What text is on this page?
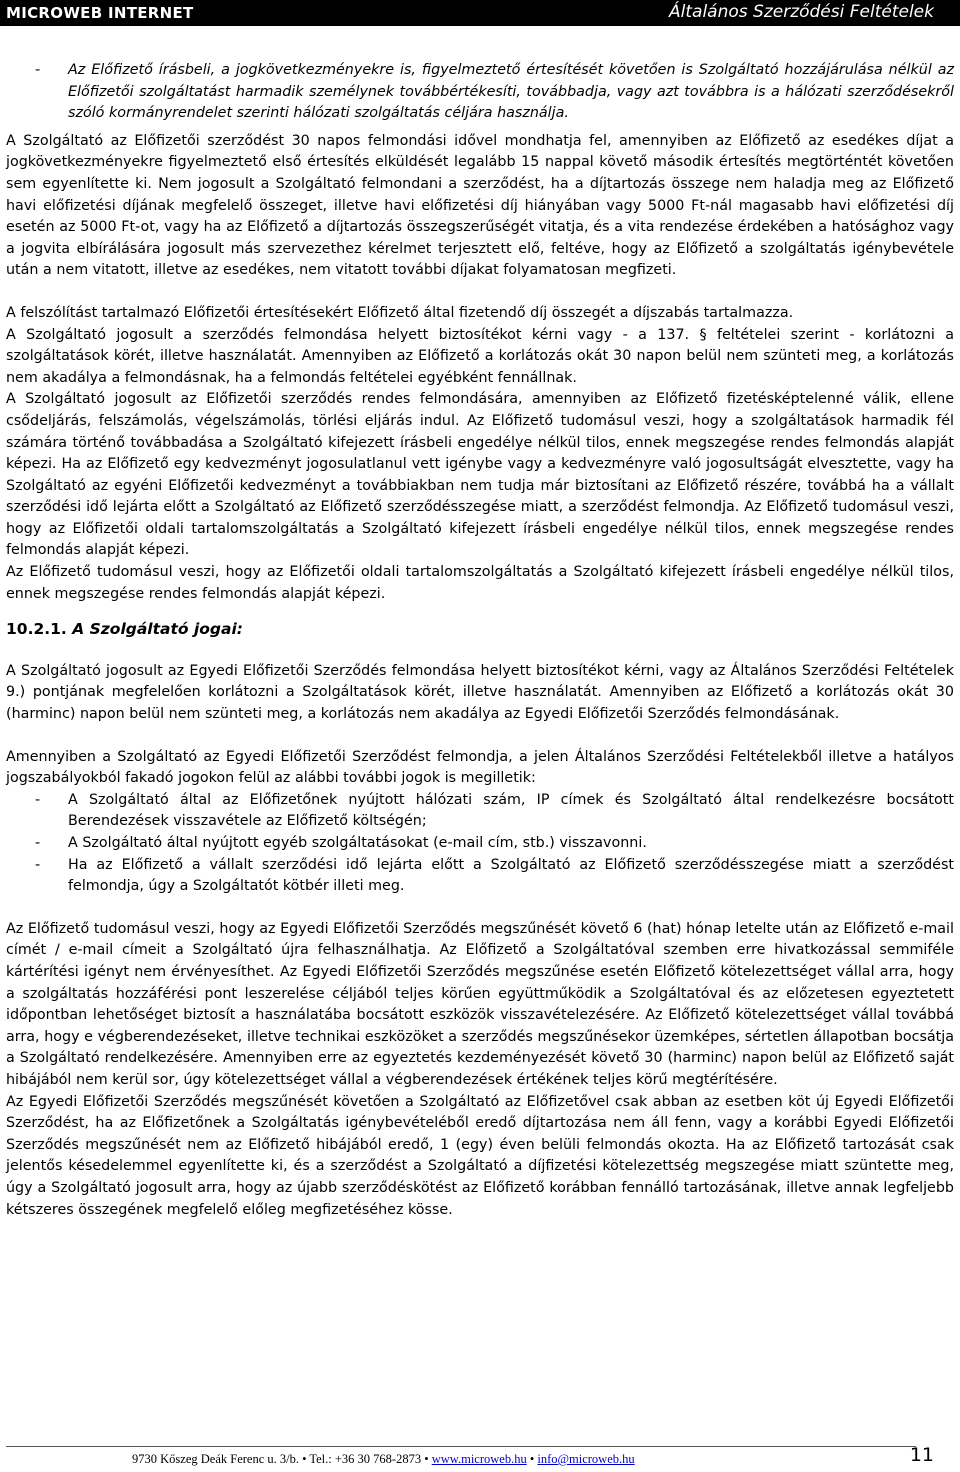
MICROWEB INTERNET	Általános Szerződési Feltételek
- Az Előfizető írásbeli, a jogkövetkezményekre is, figyelmeztető értesítését követően is Szolgáltató hozzájárulása nélkül az Előfizetői szolgáltatást harmadik személynek továbbértékesíti, továbbadja, vagy azt továbbra is a hálózati szerződésekről szóló kormányrendelet szerinti hálózati szolgáltatás céljára használja.

A Szolgáltató az Előfizetői szerződést 30 napos felmondási idővel mondhatja fel, amennyiben az Előfizető az esedékes díjat a jogkövetkezményekre figyelmeztető első értesítés elküldését legalább 15 nappal követő második értesítés megtörténtét követően sem egyenlítette ki. Nem jogosult a Szolgáltató felmondani a szerződést, ha a díjtartozás összege nem haladja meg az Előfizető havi előfizetési díjának megfelelő összeget, illetve havi előfizetési díj hiányában vagy 5000 Ft-nál magasabb havi előfizetési díj esetén az 5000 Ft-ot, vagy ha az Előfizető a díjtartozás összegszerűségét vitatja, és a vita rendezése érdekében a hatósághoz vagy a jogvita elbírálására jogosult más szervezethez kérelmet terjesztett elő, feltéve, hogy az Előfizető a szolgáltatás igénybevétele után a nem vitatott, illetve az esedékes, nem vitatott további díjakat folyamatosan megfizeti.

A felszólítást tartalmazó Előfizetői értesítésekért Előfizető által fizetendő díj összegét a díjszabás tartalmazza.

A Szolgáltató jogosult a szerződés felmondása helyett biztosítékot kérni vagy - a 137. § feltételei szerint - korlátozni a szolgáltatások körét, illetve használatát. Amennyiben az Előfizető a korlátozás okát 30 napon belül nem szünteti meg, a korlátozás nem akadálya a felmondásnak, ha a felmondás feltételei egyébként fennállnak.

A Szolgáltató jogosult az Előfizetői szerződés rendes felmondására, amennyiben az Előfizető fizetésképtelenné válik, ellene csődeljárás, felszámolás, végelszámolás, törlési eljárás indul. Az Előfizető tudomásul veszi, hogy a szolgáltatások harmadik fél számára történő továbbadása a Szolgáltató kifejezett írásbeli engedélye nélkül tilos, ennek megszegése rendes felmondás alapját képezi. Ha az Előfizető egy kedvezményt jogosulatlanul vett igénybe vagy a kedvezményre való jogosultságát elvesztette, vagy ha Szolgáltató az egyéni Előfizetői kedvezményt a továbbiakban nem tudja már biztosítani az Előfizető részére, továbbá ha a vállalt szerződési idő lejárta előtt a Szolgáltató az Előfizető szerződésszegése miatt, a szerződést felmondja. Az Előfizető tudomásul veszi, hogy az Előfizetői oldali tartalomszolgáltatás a Szolgáltató kifejezett írásbeli engedélye nélkül tilos, ennek megszegése rendes felmondás alapját képezi.

Az Előfizető tudomásul veszi, hogy az Előfizetői oldali tartalomszolgáltatás a Szolgáltató kifejezett írásbeli engedélye nélkül tilos, ennek megszegése rendes felmondás alapját képezi.

10.2.1. A Szolgáltató jogai:

A Szolgáltató jogosult az Egyedi Előfizetői Szerződés felmondása helyett biztosítékot kérni, vagy az Általános Szerződési Feltételek 9.) pontjának megfelelően korlátozni a Szolgáltatások körét, illetve használatát. Amennyiben az Előfizető a korlátozás okát 30 (harminc) napon belül nem szünteti meg, a korlátozás nem akadálya az Egyedi Előfizetői Szerződés felmondásának.

Amennyiben a Szolgáltató az Egyedi Előfizetői Szerződést felmondja, a jelen Általános Szerződési Feltételekből illetve a hatályos jogszabályokból fakadó jogokon felül az alábbi további jogok is megilletik:

- A Szolgáltató által az Előfizetőnek nyújtott hálózati szám, IP címek és Szolgáltató által rendelkezésre bocsátott Berendezések visszavétele az Előfizető költségén;
- A Szolgáltató által nyújtott egyéb szolgáltatásokat (e-mail cím, stb.) visszavonni.
- Ha az Előfizető a vállalt szerződési idő lejárta előtt a Szolgáltató az Előfizető szerződésszegése miatt a szerződést felmondja, úgy a Szolgáltatót kötbér illeti meg.

Az Előfizető tudomásul veszi, hogy az Egyedi Előfizetői Szerződés megszűnését követő 6 (hat) hónap letelte után az Előfizető e-mail címét / e-mail címeit a Szolgáltató újra felhasználhatja. Az Előfizető a Szolgáltatóval szemben erre hivatkozással semmiféle kártérítési igényt nem érvényesíthet. Az Egyedi Előfizetői Szerződés megszűnése esetén Előfizető kötelezettséget vállal arra, hogy a szolgáltatás hozzáférési pont leszerelése céljából teljes körűen együttműködik a Szolgáltatóval és az előzetesen egyeztetett időpontban lehetőséget biztosít a használatába bocsátott eszközök visszavételezésére. Az Előfizető kötelezettséget vállal továbbá arra, hogy e végberendezéseket, illetve technikai eszközöket a szerződés megszűnésekor üzemképes, sértetlen állapotban bocsátja a Szolgáltató rendelkezésére. Amennyiben erre az egyeztetés kezdeményezését követő 30 (harminc) napon belül az Előfizető saját hibájából nem kerül sor, úgy kötelezettséget vállal a végberendezések értékének teljes körű megtérítésére.

Az Egyedi Előfizetői Szerződés megszűnését követően a Szolgáltató az Előfizetővel csak abban az esetben köt új Egyedi Előfizetői Szerződést, ha az Előfizetőnek a Szolgáltatás igénybevételéből eredő díjtartozása nem áll fenn, vagy a korábbi Egyedi Előfizetői Szerződés megszűnését nem az Előfizető hibájából eredő, 1 (egy) éven belüli felmondás okozta. Ha az Előfizető tartozását csak jelentős késedelemmel egyenlítette ki, és a szerződést a Szolgáltató a díjfizetési kötelezettség megszegése miatt szüntette meg, úgy a Szolgáltató jogosult arra, hogy az újabb szerződéskötést az Előfizető korábban fennálló tartozásának, illetve annak legfeljebb kétszeres összegének megfelelő előleg megfizetéséhez kösse.

9730 Kőszeg Deák Ferenc u. 3/b. • Tel.: +36 30 768-2873 • www.microweb.hu • info@microweb.hu	11
